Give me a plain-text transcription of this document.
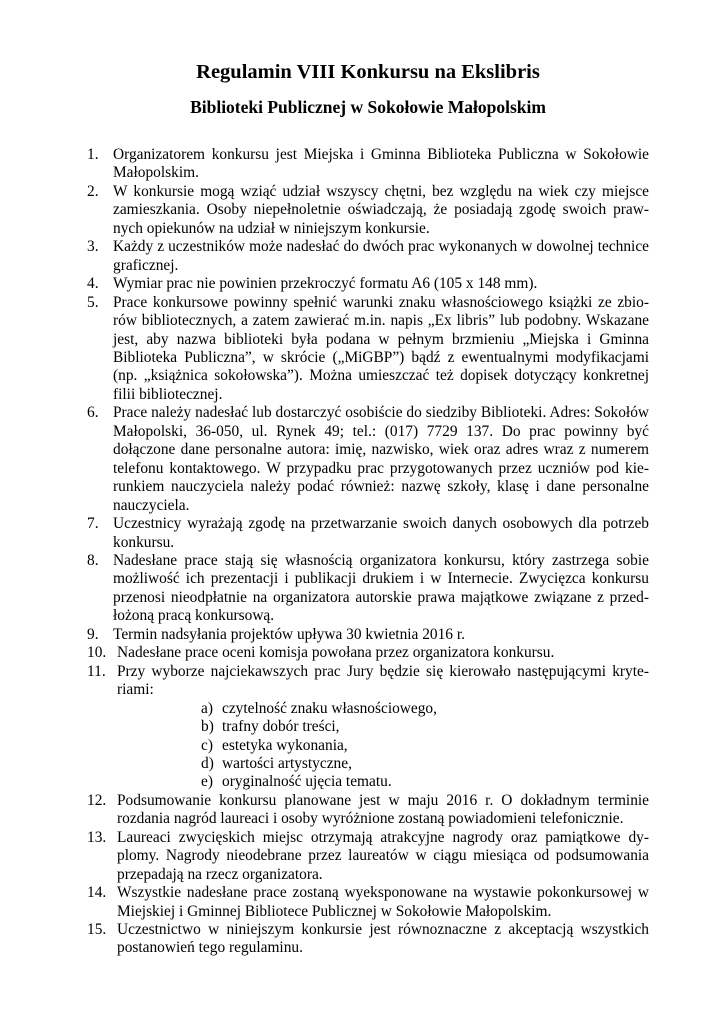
Regulamin VIII Konkursu na Ekslibris
Biblioteki Publicznej w Sokołowie Małopolskim
1. Organizatorem konkursu jest Miejska i Gminna Biblioteka Publiczna w Sokołowie Małopolskim.
2. W konkursie mogą wziąć udział wszyscy chętni, bez względu na wiek czy miejsce zamieszkania. Osoby niepełnoletnie oświadczają, że posiadają zgodę swoich prawnych opiekunów na udział w niniejszym konkursie.
3. Każdy z uczestników może nadesłać do dwóch prac wykonanych w dowolnej technice graficznej.
4. Wymiar prac nie powinien przekroczyć formatu A6 (105 x 148 mm).
5. Prace konkursowe powinny spełnić warunki znaku własnościowego książki ze zbiorów bibliotecznych, a zatem zawierać m.in. napis „Ex libris” lub podobny. Wskazane jest, aby nazwa biblioteki była podana w pełnym brzmieniu „Miejska i Gminna Biblioteka Publiczna”, w skrócie („MiGBP”) bądź z ewentualnymi modyfikacjami (np. „książnica sokołowska”). Można umieszczać też dopisek dotyczący konkretnej filii bibliotecznej.
6. Prace należy nadesłać lub dostarczyć osobiście do siedziby Biblioteki. Adres: Sokołów Małopolski, 36-050, ul. Rynek 49; tel.: (017) 7729 137. Do prac powinny być dołączone dane personalne autora: imię, nazwisko, wiek oraz adres wraz z numerem telefonu kontaktowego. W przypadku prac przygotowanych przez uczniów pod kierunkiem nauczyciela należy podać również: nazwę szkoły, klasę i dane personalne nauczyciela.
7. Uczestnicy wyrażają zgodę na przetwarzanie swoich danych osobowych dla potrzeb konkursu.
8. Nadesłane prace stają się własnością organizatora konkursu, który zastrzega sobie możliwość ich prezentacji i publikacji drukiem i w Internecie. Zwycięzca konkursu przenosi nieodpłatnie na organizatora autorskie prawa majątkowe związane z przedłożoną pracą konkursową.
9. Termin nadsyłania projektów upływa 30 kwietnia 2016 r.
10. Nadesłane prace oceni komisja powołana przez organizatora konkursu.
11. Przy wyborze najciekawszych prac Jury będzie się kierowało następującymi kryteriami:
a) czytelność znaku własnościowego,
b) trafny dobór treści,
c) estetyka wykonania,
d) wartości artystyczne,
e) oryginalność ujęcia tematu.
12. Podsumowanie konkursu planowane jest w maju 2016 r. O dokładnym terminie rozdania nagród laureaci i osoby wyróżnione zostaną powiadomieni telefonicznie.
13. Laureaci zwycięskich miejsc otrzymają atrakcyjne nagrody oraz pamiątkowe dyplomy. Nagrody nieodebrane przez laureatów w ciągu miesiąca od podsumowania przepadają na rzecz organizatora.
14. Wszystkie nadesłane prace zostaną wyeksponowane na wystawie pokonkursowej w Miejskiej i Gminnej Bibliotece Publicznej w Sokołowie Małopolskim.
15. Uczestnictwo w niniejszym konkursie jest równoznaczne z akceptacją wszystkich postanowień tego regulaminu.
